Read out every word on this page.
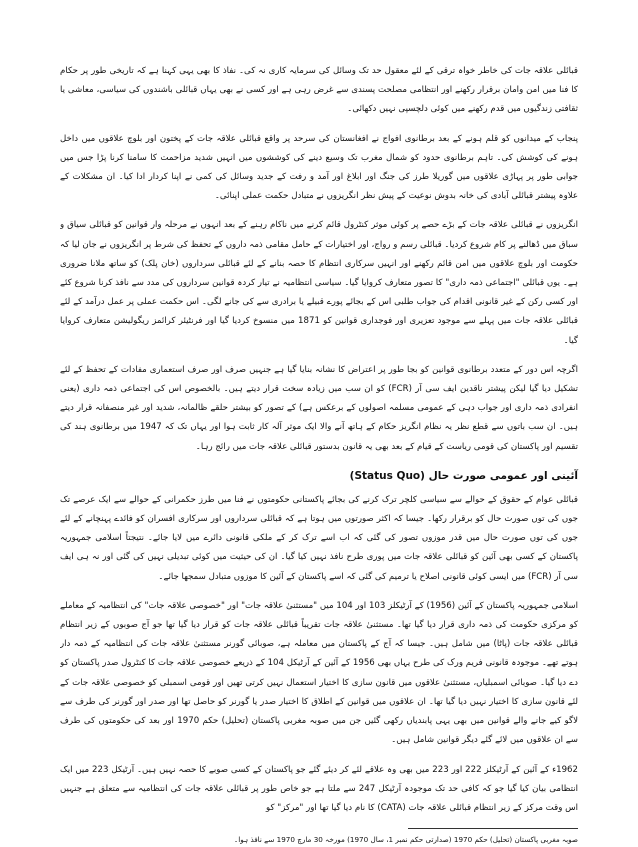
قبائلی علاقہ جات کی خاطر خواہ ترقی کے لئے معقول حد تک وسائل کی سرمایہ کاری نہ کی۔ نفاذ کا بھی یہی کہنا ہے کہ تاریخی طور پر حکام کا فنا میں امن وامان برقرار رکھنے اور انتظامی مصلحت پسندی سے غرض رہی ہے اور کسی نے بھی یہاں قبائلی باشندوں کی سیاسی، معاشی یا ثقافتی زندگیوں میں قدم رکھنے میں کوئی دلچسپی نہیں دکھائی۔

پنجاب کے میدانوں کو قلم ہونے کے بعد برطانوی افواج نے افغانستان کی سرحد پر واقع قبائلی علاقہ جات کے پختون اور بلوچ علاقوں میں داخل ہونے کی کوشش کی۔ تاہم برطانوی حدود کو شمال مغرب تک وسیع دینے کی کوششوں میں انہیں شدید مزاحمت کا سامنا کرنا پڑا جس میں جوابی طور پر پہاڑی علاقوں میں گوریلا طرز کی جنگ اور ابلاغ اور آمد و رفت کے جدید وسائل کی کمی نے اپنا کردار ادا کیا۔ ان مشکلات کے علاوہ پیشتر قبائلی آبادی کی خانہ بدوش نوعیت کے پیش نظر انگریزوں نے متبادل حکمت عملی اپنائی۔

انگریزوں نے قبائلی علاقہ جات کے بڑے حصے پر کوئی موثر کنٹرول قائم کرنے میں ناکام رہنے کے بعد انہوں نے مرحلہ وار قوانین کو قبائلی سیاق و سباق میں ڈھالنے پر کام شروع کردیا۔ قبائلی رسم و رواج، اور اختیارات کے حامل مقامی ذمہ داروں کے تحفظ کی شرط پر انگریزوں نے جان لیا کہ حکومت اور بلوچ علاقوں میں امن قائم رکھنے اور انہیں سرکاری انتظام کا حصہ بنانے کے لئے قبائلی سرداروں (خان پلک) کو ساتھ ملانا ضروری ہے۔ یوں قبائلی "اجتماعی ذمہ داری" کا تصور متعارف کروایا گیا۔ سیاسی انتظامیہ نے تیار کردہ قوانین سرداروں کی مدد سے نافذ کرنا شروع کئے اور کسی رکن کے غیر قانونی اقدام کی جواب طلبی اس کے بجائے پورے قبیلے یا برادری سے کی جانے لگی۔ اس حکمت عملی پر عمل درآمد کے لئے قبائلی علاقہ جات میں پہلے سے موجود تعزیری اور فوجداری قوانین کو 1871 میں منسوخ کردیا گیا اور فرنٹیئر کرائمز ریگولیشن متعارف کروایا گیا۔

اگرچہ اس دور کے متعدد برطانوی قوانین کو بجا طور پر اعتراض کا نشانہ بنایا گیا ہے جنہیں صرف اور صرف استعماری مفادات کے تحفظ کے لئے تشکیل دیا گیا لیکن پیشتر ناقدین ایف سی آر (FCR) کو ان سب میں زیادہ سخت قرار دیتے ہیں۔ بالخصوص اس کی اجتماعی ذمہ داری (یعنی انفرادی ذمہ داری اور جواب دہی کے عمومی مسلمہ اصولوں کے برعکس ہے) کے تصور کو بیشتر حلقے ظالمانہ، شدید اور غیر منصفانہ قرار دیتے ہیں۔ ان سب باتوں سے قطع نظر یہ نظام انگریز حکام کے ہاتھ آنے والا ایک موثر آلہ کار ثابت ہوا اور یہاں تک کہ 1947 میں برطانوی ہند کی تقسیم اور پاکستان کی قومی ریاست کے قیام کے بعد بھی یہ قانون بدستور قبائلی علاقہ جات میں رائج رہا۔

آئینی اور عمومی صورت حال (Status Quo)

قبائلی عوام کے حقوق کے حوالے سے سیاسی کلچر ترک کرنے کی بجائے پاکستانی حکومتوں نے فنا میں طرز حکمرانی کے حوالے سے ایک عرصے تک جوں کی توں صورت حال کو برقرار رکھا۔ جیسا کہ اکثر صورتوں میں ہوتا ہے کہ قبائلی سرداروں اور سرکاری افسران کو فائدے پہنچانے کے لئے جوں کی توں صورت حال میں قدر موزوں تصور کی گئی کہ اب اسے ترک کر کے ملکی قانونی دائرے میں لایا جائے۔ نتیجتاً اسلامی جمہوریہ پاکستان کے کسی بھی آئین کو قبائلی علاقہ جات میں پوری طرح نافذ نہیں کیا گیا۔ ان کی حیثیت میں کوئی تبدیلی نہیں کی گئی اور نہ ہی ایف سی آر (FCR) میں ایسی کوئی قانونی اصلاح یا ترمیم کی گئی کہ اسے پاکستان کے آئین کا موزوں متبادل سمجھا جائے۔

اسلامی جمہوریہ پاکستان کے آئین (1956) کے آرٹیکلز 103 اور 104 میں "مستثنیٰ علاقہ جات" اور "خصوصی علاقہ جات" کی انتظامیہ کے معاملے کو مرکزی حکومت کی ذمہ داری قرار دیا گیا تھا۔ مستثنیٰ علاقہ جات تقریباً قبائلی علاقہ جات کو قرار دیا گیا تھا جو آج صوبوں کے زیر انتظام قبائلی علاقہ جات (پاٹا) میں شامل ہیں۔ جیسا کہ آج کے پاکستان میں معاملہ ہے، صوبائی گورنر مستثنیٰ علاقہ جات کی انتظامیہ کے ذمہ دار ہوتے تھے۔ موجودہ قانونی فریم ورک کی طرح یہاں بھی 1956 کے آئین کے آرٹیکل 104 کے ذریعے خصوصی علاقہ جات کا کنٹرول صدر پاکستان کو دے دیا گیا۔ صوبائی اسمبلیاں، مستثنیٰ علاقوں میں قانون سازی کا اختیار استعمال نہیں کرتی تھیں اور قومی اسمبلی کو خصوصی علاقہ جات کے لئے قانون سازی کا اختیار نہیں دیا گیا تھا۔ ان علاقوں میں قوانین کے اطلاق کا اختیار صدر یا گورنر کو حاصل تھا اور صدر اور گورنر کی طرف سے لاگو کیے جانے والے قوانین میں بھی یہی پابندیاں رکھی گئیں جن میں صوبہ مغربی پاکستان (تحلیل) حکم 1970 اور بعد کی حکومتوں کی طرف سے ان علاقوں میں لائے گئے دیگر قوانین شامل ہیں۔

1962ء کے آئین کے آرٹیکلز 222 اور 223 میں بھی وہ علاقے لئے کر دیئے گئے جو پاکستان کے کسی صوبے کا حصہ نہیں ہیں۔ آرٹیکل 223 میں ایک انتظامی بیان کیا گیا جو کہ کافی حد تک موجودہ آرٹیکل 247 سے ملتا ہے جو خاص طور پر قبائلی علاقہ جات کی انتظامیہ سے متعلق ہے جنہیں اس وقت مرکز کے زیر انتظام قبائلی علاقہ جات (CATA) کا نام دیا گیا تھا اور "مرکز" کو

صوبہ مغربی پاکستان (تحلیل) حکم 1970 (صدارتی حکم نمبر 1، سال 1970) مورخہ 30 مارچ 1970 سے نافذ ہوا۔
